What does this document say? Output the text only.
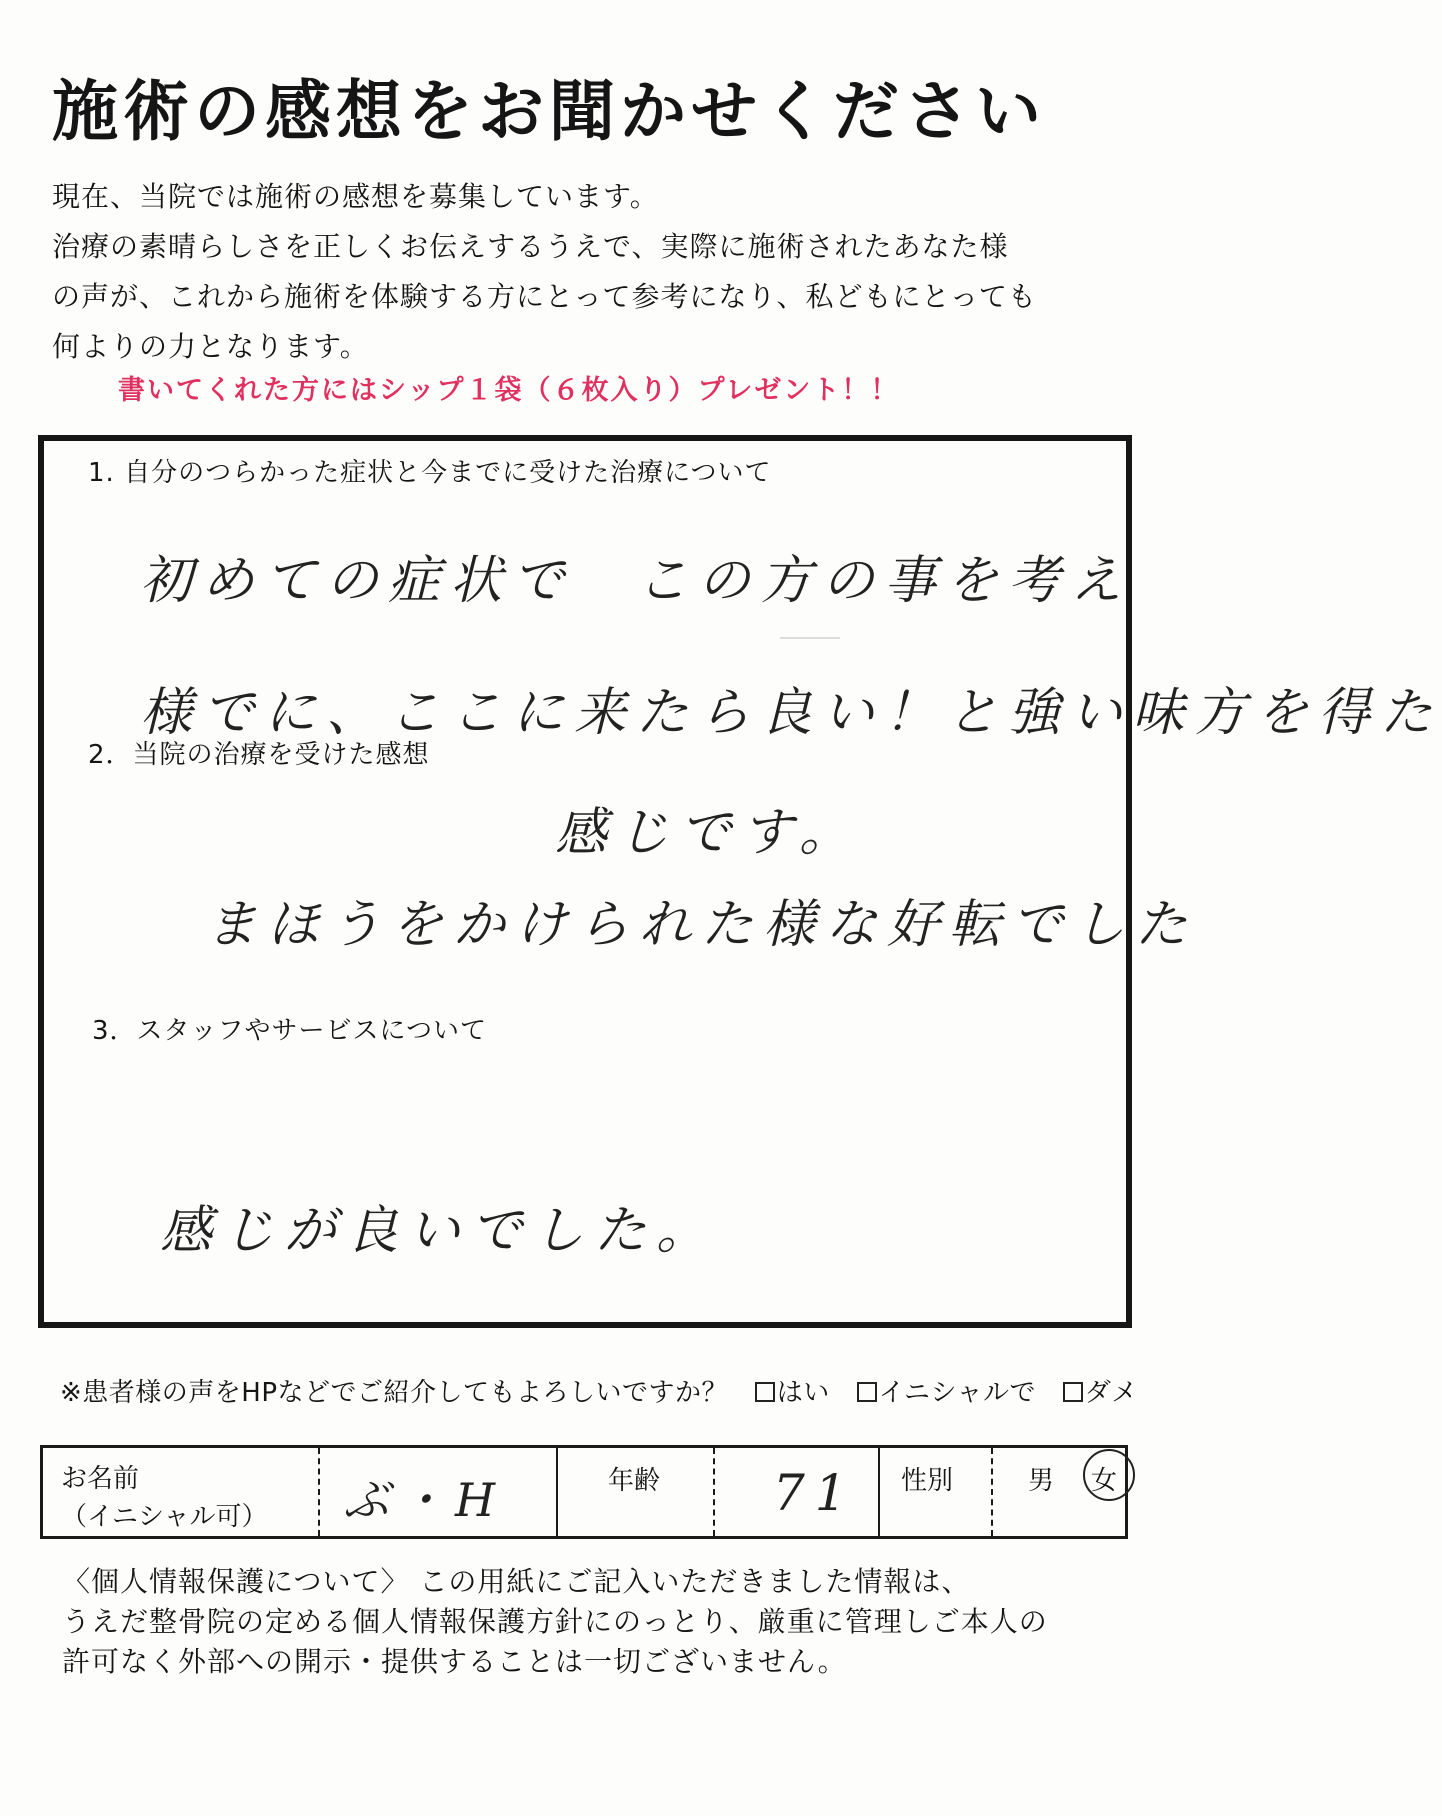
施術の感想をお聞かせください
現在、当院では施術の感想を募集しています。
治療の素晴らしさを正しくお伝えするうえで、実際に施術されたあなた様
の声が、これから施術を体験する方にとって参考になり、私どもにとっても
何よりの力となります。
書いてくれた方にはシップ１袋（６枚入り）プレゼント！！
1. 自分のつらかった症状と今までに受けた治療について
初めての症状で　この方の事を考え
様でに、ここに来たら良い！と強い味方を得た
2．当院の治療を受けた感想
感じです。
まほうをかけられた様な好転でした
3．スタッフやサービスについて
感じが良いでした。
※患者様の声をHPなどでご紹介してもよろしいですか？ はい イニシャルで ダメ
お名前
（イニシャル可） ぶ・H	年齢 71 性別	男 女
〈個人情報保護について〉 この用紙にご記入いただきました情報は、
うえだ整骨院の定める個人情報保護方針にのっとり、厳重に管理しご本人の
許可なく外部への開示・提供することは一切ございません。
